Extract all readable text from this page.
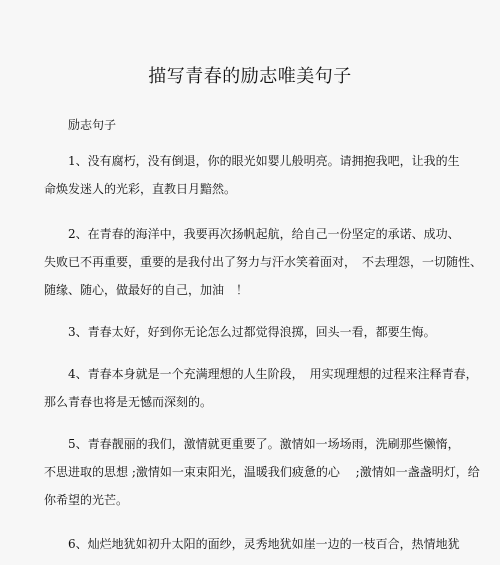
描写青春的励志唯美句子
励志句子
1、没有腐朽，没有倒退，你的眼光如婴儿般明亮。请拥抱我吧，让我的生
命焕发迷人的光彩，直教日月黯然。
2、在青春的海洋中，我要再次扬帆起航，给自己一份坚定的承诺、成功、
失败已不再重要，重要的是我付出了努力与汗水笑着面对，　不去理怨，一切随性、
随缘、随心，做最好的自己，加油　！
3、青春太好，好到你无论怎么过都觉得浪掷，回头一看，都要生悔。
4、青春本身就是一个充满理想的人生阶段，　用实现理想的过程来注释青春，
那么青春也将是无憾而深刻的。
5、青春靓丽的我们，激情就更重要了。激情如一场场雨，洗刷那些懒惰，
不思进取的思想 ;激情如一束束阳光，温暖我们疲惫的心　 ;激情如一盏盏明灯，给
你希望的光芒。
6、灿烂地犹如初升太阳的面纱，灵秀地犹如崖一边的一枝百合，热情地犹
